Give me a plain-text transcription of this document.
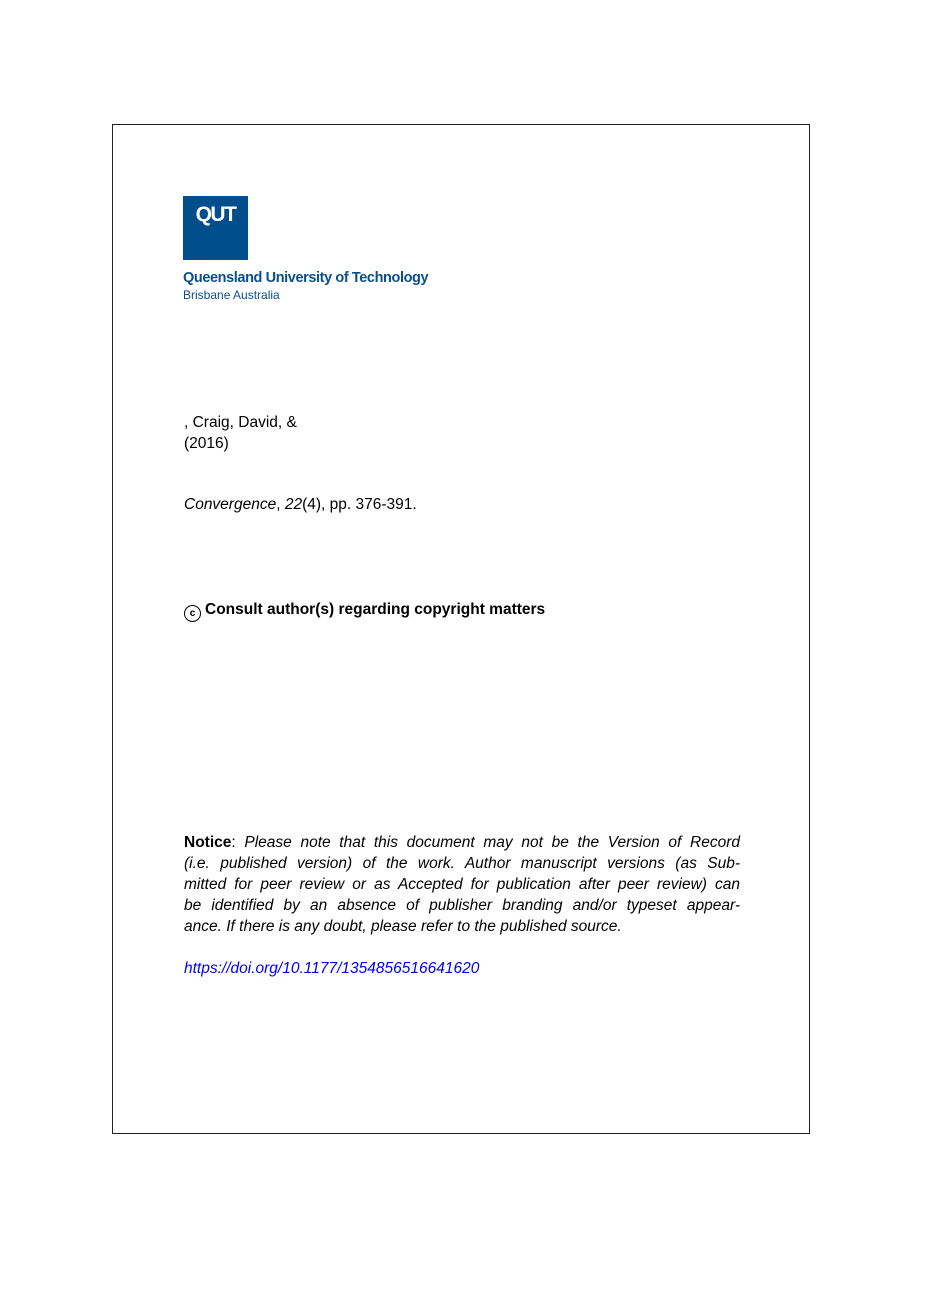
QUT
Queensland University of Technology
Brisbane Australia
, Craig, David, &
(2016)
Convergence, 22(4), pp. 376-391.
c Consult author(s) regarding copyright matters
Notice: Please note that this document may not be the Version of Record
(i.e. published version) of the work. Author manuscript versions (as Sub-
mitted for peer review or as Accepted for publication after peer review) can
be identified by an absence of publisher branding and/or typeset appear-
ance. If there is any doubt, please refer to the published source.
https://doi.org/10.1177/1354856516641620
